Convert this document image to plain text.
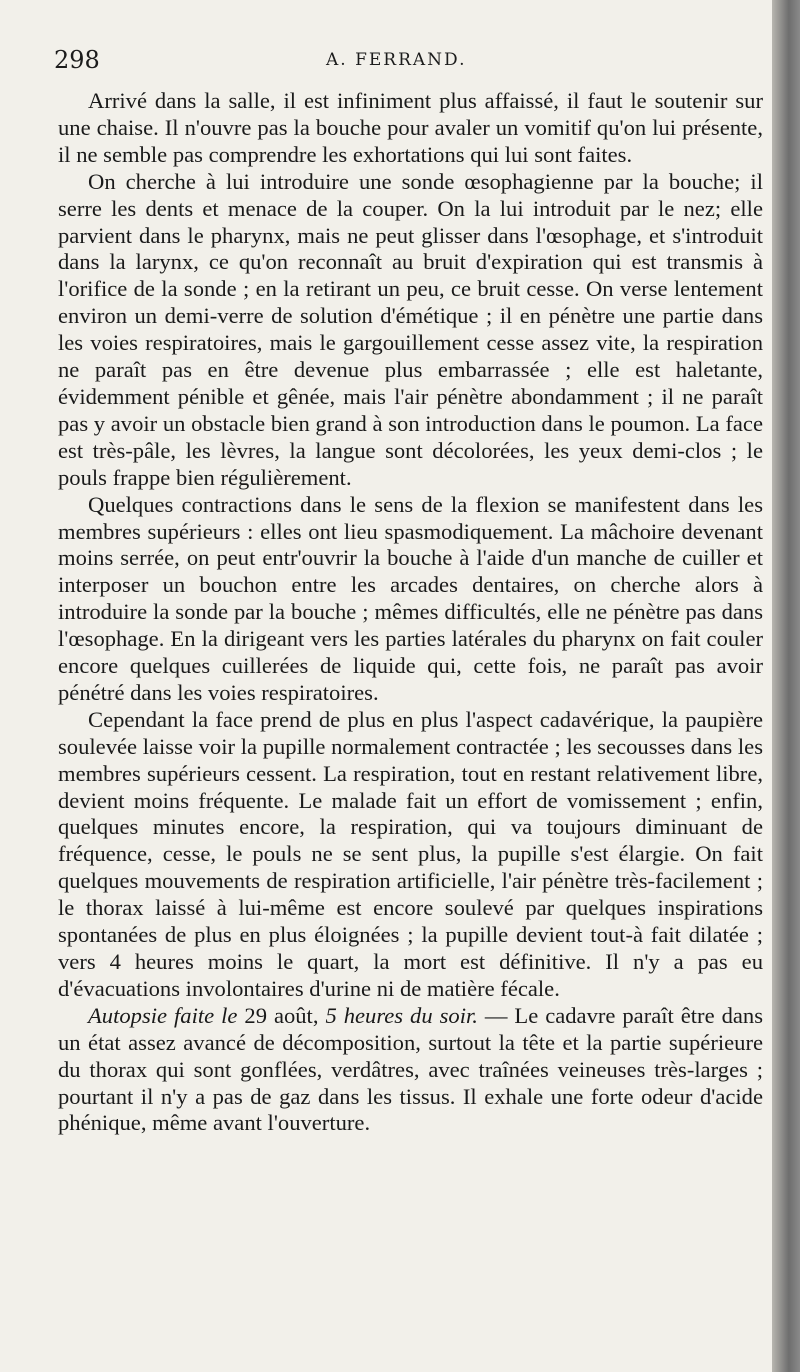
298	A. FERRAND.

Arrivé dans la salle, il est infiniment plus affaissé, il faut le soutenir sur une chaise. Il n'ouvre pas la bouche pour avaler un vomitif qu'on lui présente, il ne semble pas comprendre les exhortations qui lui sont faites.

On cherche à lui introduire une sonde œsophagienne par la bouche; il serre les dents et menace de la couper. On la lui introduit par le nez; elle parvient dans le pharynx, mais ne peut glisser dans l'œsophage, et s'introduit dans la larynx, ce qu'on reconnaît au bruit d'expiration qui est transmis à l'orifice de la sonde ; en la retirant un peu, ce bruit cesse. On verse lentement environ un demi-verre de solution d'émétique ; il en pénètre une partie dans les voies respiratoires, mais le gargouillement cesse assez vite, la respiration ne paraît pas en être devenue plus embarrassée ; elle est haletante, évidemment pénible et gênée, mais l'air pénètre abondamment ; il ne paraît pas y avoir un obstacle bien grand à son introduction dans le poumon. La face est très-pâle, les lèvres, la langue sont décolorées, les yeux demi-clos ; le pouls frappe bien régulièrement.

Quelques contractions dans le sens de la flexion se manifestent dans les membres supérieurs : elles ont lieu spasmodiquement. La mâchoire devenant moins serrée, on peut entr'ouvrir la bouche à l'aide d'un manche de cuiller et interposer un bouchon entre les arcades dentaires, on cherche alors à introduire la sonde par la bouche ; mêmes difficultés, elle ne pénètre pas dans l'œsophage. En la dirigeant vers les parties latérales du pharynx on fait couler encore quelques cuillerées de liquide qui, cette fois, ne paraît pas avoir pénétré dans les voies respiratoires.

Cependant la face prend de plus en plus l'aspect cadavérique, la paupière soulevée laisse voir la pupille normalement contractée ; les secousses dans les membres supérieurs cessent. La respiration, tout en restant relativement libre, devient moins fréquente. Le malade fait un effort de vomissement ; enfin, quelques minutes encore, la respiration, qui va toujours diminuant de fréquence, cesse, le pouls ne se sent plus, la pupille s'est élargie. On fait quelques mouvements de respiration artificielle, l'air pénètre très-facilement ; le thorax laissé à lui-même est encore soulevé par quelques inspirations spontanées de plus en plus éloignées ; la pupille devient tout-à fait dilatée ; vers 4 heures moins le quart, la mort est définitive. Il n'y a pas eu d'évacuations involontaires d'urine ni de matière fécale.

Autopsie faite le 29 août, 5 heures du soir. — Le cadavre paraît être dans un état assez avancé de décomposition, surtout la tête et la partie supérieure du thorax qui sont gonflées, verdâtres, avec traînées veineuses très-larges ; pourtant il n'y a pas de gaz dans les tissus. Il exhale une forte odeur d'acide phénique, même avant l'ouverture.
